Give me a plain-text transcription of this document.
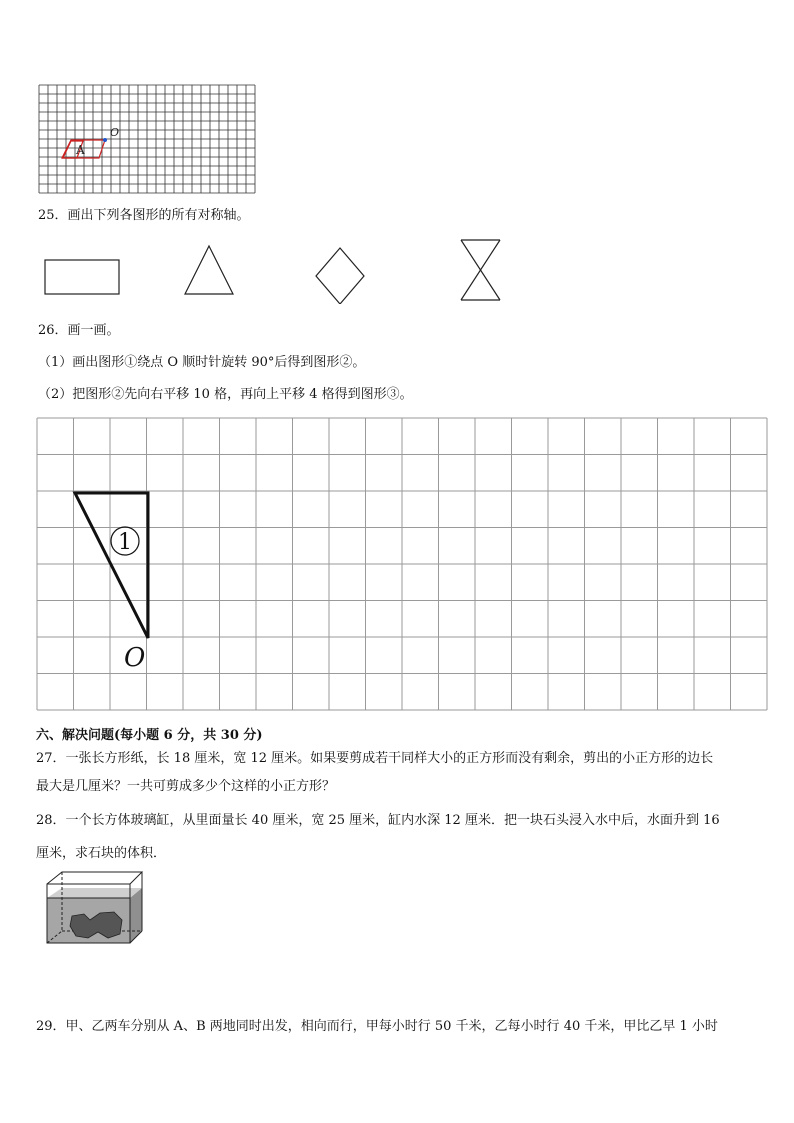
A
O
25．画出下列各图形的所有对称轴。
26．画一画。
（1）画出图形①绕点 O 顺时针旋转 90°后得到图形②。
（2）把图形②先向右平移 10 格，再向上平移 4 格得到图形③。
1
O
六、解决问题(每小题 6 分，共 30 分)
27．一张长方形纸，长 18 厘米，宽 12 厘米。如果要剪成若干同样大小的正方形而没有剩余，剪出的小正方形的边长
最大是几厘米？一共可剪成多少个这样的小正方形？
28．一个长方体玻璃缸，从里面量长 40 厘米，宽 25 厘米，缸内水深 12 厘米．把一块石头浸入水中后，水面升到 16
厘米，求石块的体积．
29．甲、乙两车分别从 A、B 两地同时出发，相向而行，甲每小时行 50 千米，乙每小时行 40 千米，甲比乙早 1 小时
